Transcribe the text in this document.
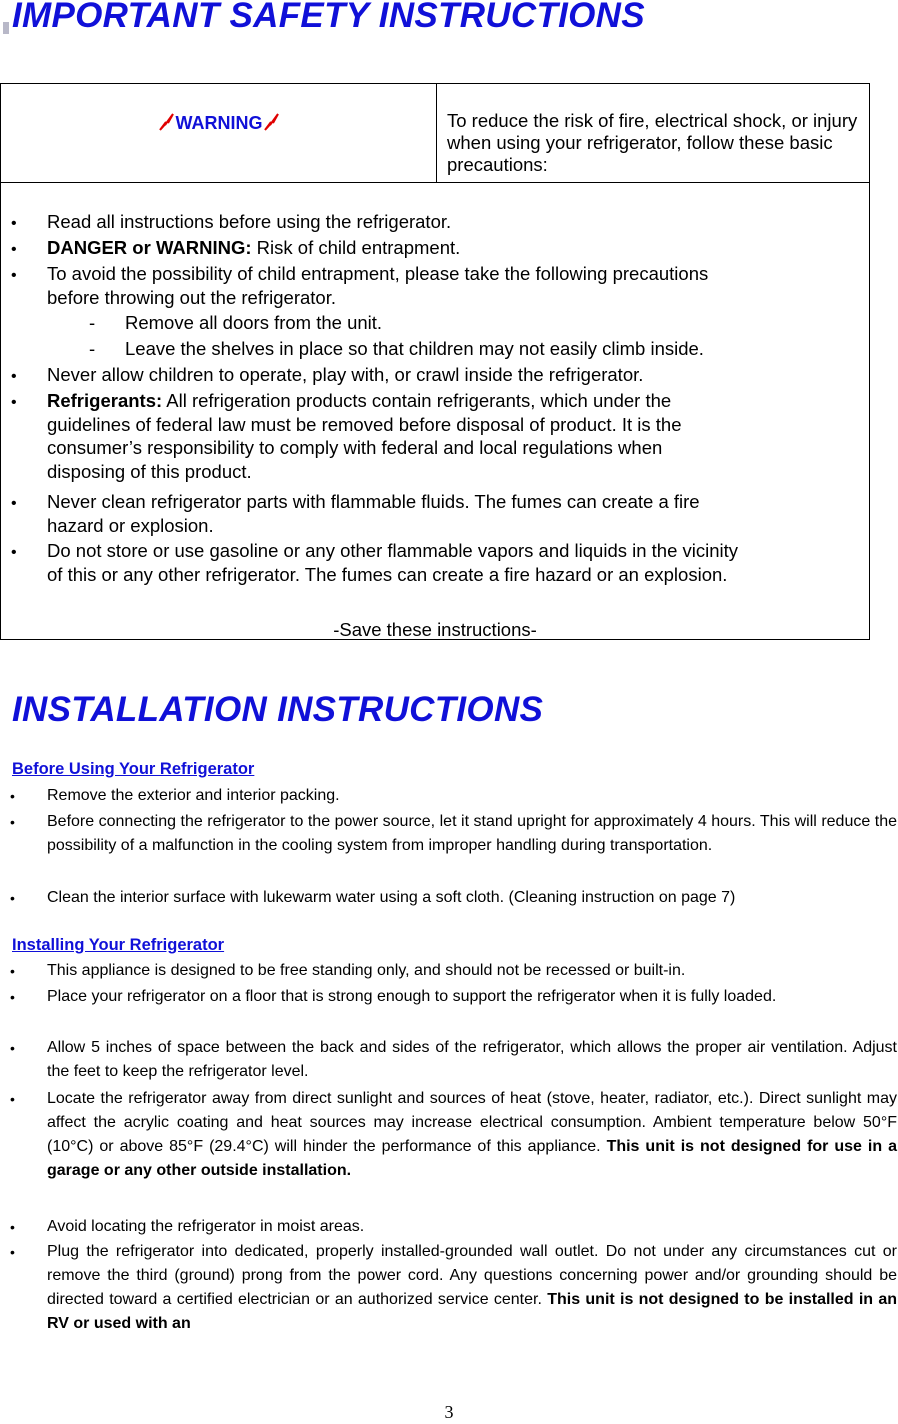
IMPORTANT SAFETY INSTRUCTIONS
WARNING	To reduce the risk of fire, electrical shock, or injury when using your refrigerator, follow these basic precautions:
• Read all instructions before using the refrigerator.
• DANGER or WARNING: Risk of child entrapment.
• To avoid the possibility of child entrapment, please take the following precautions
before throwing out the refrigerator.
- Remove all doors from the unit.
- Leave the shelves in place so that children may not easily climb inside.
• Never allow children to operate, play with, or crawl inside the refrigerator.
• Refrigerants: All refrigeration products contain refrigerants, which under the
guidelines of federal law must be removed before disposal of product. It is the
consumer’s responsibility to comply with federal and local regulations when
disposing of this product.
• Never clean refrigerator parts with flammable fluids. The fumes can create a fire
hazard or explosion.
• Do not store or use gasoline or any other flammable vapors and liquids in the vicinity
of this or any other refrigerator. The fumes can create a fire hazard or an explosion.
-Save these instructions-
INSTALLATION INSTRUCTIONS
Before Using Your Refrigerator
• Remove the exterior and interior packing.
• Before connecting the refrigerator to the power source, let it stand upright for approximately 4 hours. This will reduce the possibility of a malfunction in the cooling system from improper handling during transportation.
• Clean the interior surface with lukewarm water using a soft cloth. (Cleaning instruction on page 7)
Installing Your Refrigerator
• This appliance is designed to be free standing only, and should not be recessed or built-in.
• Place your refrigerator on a floor that is strong enough to support the refrigerator when it is fully loaded.
• Allow 5 inches of space between the back and sides of the refrigerator, which allows the proper air ventilation. Adjust the feet to keep the refrigerator level.
• Locate the refrigerator away from direct sunlight and sources of heat (stove, heater, radiator, etc.). Direct sunlight may affect the acrylic coating and heat sources may increase electrical consumption. Ambient temperature below 50°F (10°C) or above 85°F (29.4°C) will hinder the performance of this appliance. This unit is not designed for use in a garage or any other outside installation.
• Avoid locating the refrigerator in moist areas.
• Plug the refrigerator into dedicated, properly installed-grounded wall outlet. Do not under any circumstances cut or remove the third (ground) prong from the power cord. Any questions concerning power and/or grounding should be directed toward a certified electrician or an authorized service center. This unit is not designed to be installed in an RV or used with an
3
